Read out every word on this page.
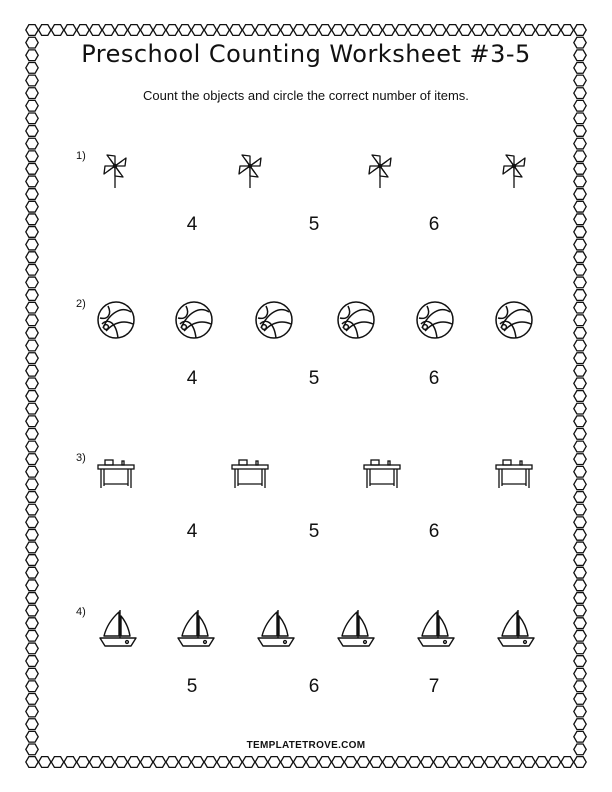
Preschool Counting Worksheet #3-5
Count the objects and circle the correct number of items.
1)
4	5	6
2)
4	5	6
3)
4	5	6
4)
5	6	7
TEMPLATETROVE.COM
